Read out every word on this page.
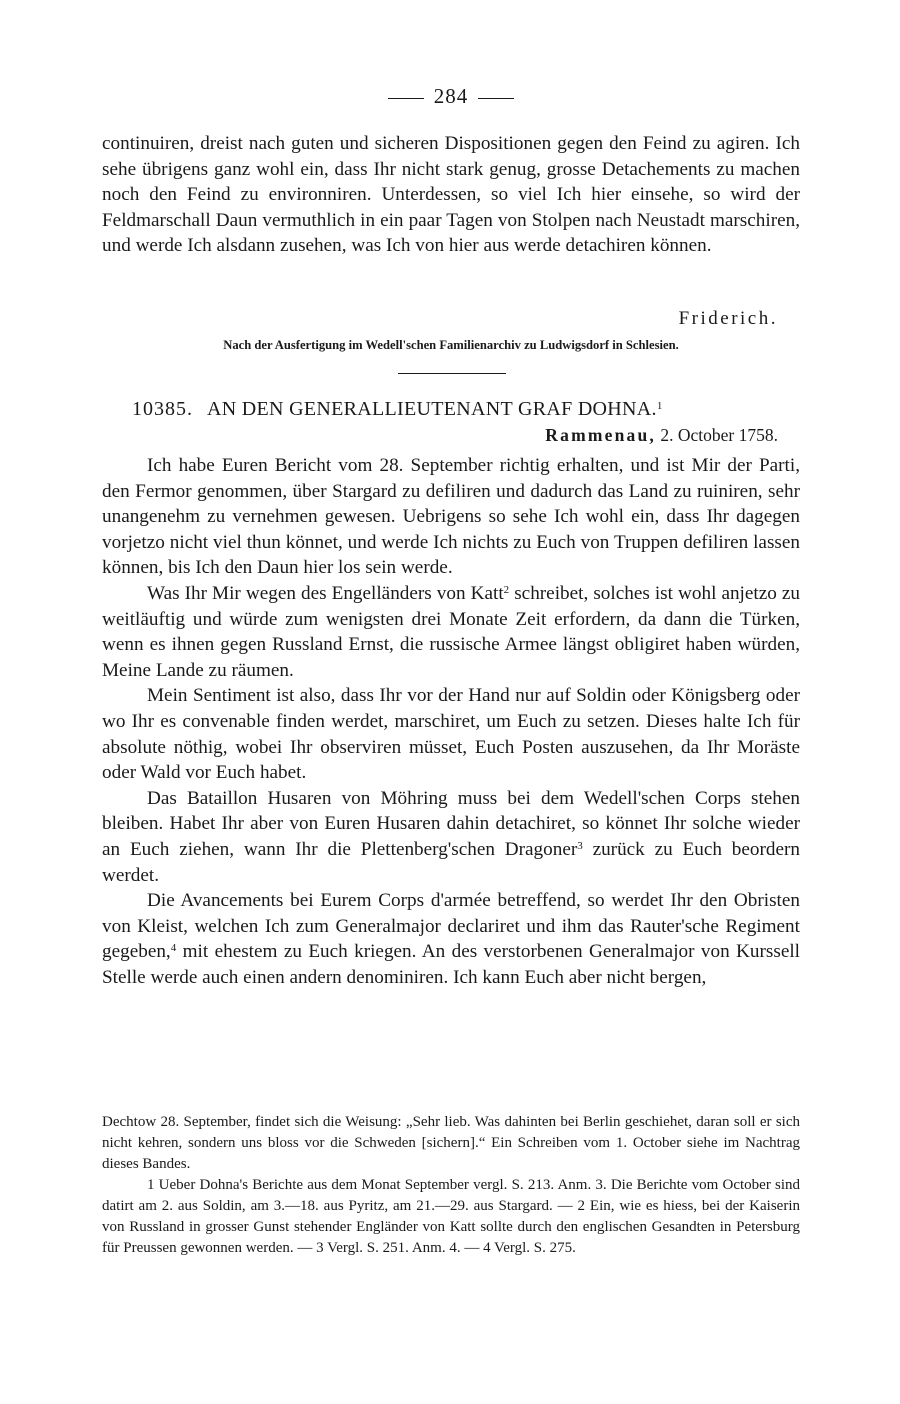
284

continuiren, dreist nach guten und sicheren Dispositionen gegen den Feind zu agiren. Ich sehe übrigens ganz wohl ein, dass Ihr nicht stark genug, grosse Detachements zu machen noch den Feind zu environniren. Unterdessen, so viel Ich hier einsehe, so wird der Feldmarschall Daun vermuthlich in ein paar Tagen von Stolpen nach Neustadt marschiren, und werde Ich alsdann zusehen, was Ich von hier aus werde detachiren können.

Friderich.
Nach der Ausfertigung im Wedell'schen Familienarchiv zu Ludwigsdorf in Schlesien.
10385. AN DEN GENERALLIEUTENANT GRAF DOHNA.$^1$
Rammenau, 2. October 1758.

Ich habe Euren Bericht vom 28. September richtig erhalten, und ist Mir der Parti, den Fermor genommen, über Stargard zu defiliren und dadurch das Land zu ruiniren, sehr unangenehm zu vernehmen gewesen. Uebrigens so sehe Ich wohl ein, dass Ihr dagegen vorjetzo nicht viel thun könnet, und werde Ich nichts zu Euch von Truppen defiliren lassen können, bis Ich den Daun hier los sein werde.

Was Ihr Mir wegen des Engelländers von Katt$^2$ schreibet, solches ist wohl anjetzo zu weitläuftig und würde zum wenigsten drei Monate Zeit erfordern, da dann die Türken, wenn es ihnen gegen Russland Ernst, die russische Armee längst obligiret haben würden, Meine Lande zu räumen.

Mein Sentiment ist also, dass Ihr vor der Hand nur auf Soldin oder Königsberg oder wo Ihr es convenable finden werdet, marschiret, um Euch zu setzen. Dieses halte Ich für absolute nöthig, wobei Ihr observiren müsset, Euch Posten auszusehen, da Ihr Moräste oder Wald vor Euch habet.

Das Bataillon Husaren von Möhring muss bei dem Wedell'schen Corps stehen bleiben. Habet Ihr aber von Euren Husaren dahin detachiret, so könnet Ihr solche wieder an Euch ziehen, wann Ihr die Plettenberg'schen Dragoner$^3$ zurück zu Euch beordern werdet.

Die Avancements bei Eurem Corps d'armée betreffend, so werdet Ihr den Obristen von Kleist, welchen Ich zum Generalmajor declariret und ihm das Rauter'sche Regiment gegeben,$^4$ mit ehestem zu Euch kriegen. An des verstorbenen Generalmajor von Kurssell Stelle werde auch einen andern denominiren. Ich kann Euch aber nicht bergen,

Dechtow 28. September, findet sich die Weisung: „Sehr lieb. Was dahinten bei Berlin geschiehet, daran soll er sich nicht kehren, sondern uns bloss vor die Schweden [sichern].“ Ein Schreiben vom 1. October siehe im Nachtrag dieses Bandes.

1 Ueber Dohna's Berichte aus dem Monat September vergl. S. 213. Anm. 3. Die Berichte vom October sind datirt am 2. aus Soldin, am 3.—18. aus Pyritz, am 21.—29. aus Stargard. — 2 Ein, wie es hiess, bei der Kaiserin von Russland in grosser Gunst stehender Engländer von Katt sollte durch den englischen Gesandten in Petersburg für Preussen gewonnen werden. — 3 Vergl. S. 251. Anm. 4. — 4 Vergl. S. 275.
